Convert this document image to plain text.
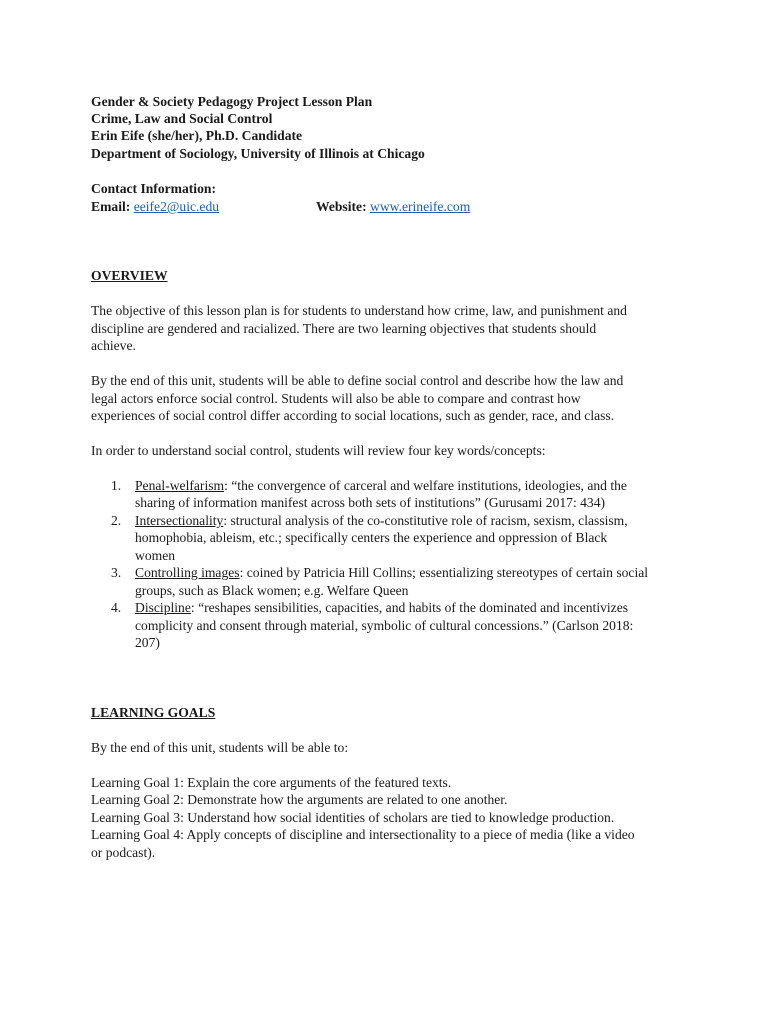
Gender & Society Pedagogy Project Lesson Plan
Crime, Law and Social Control
Erin Eife (she/her), Ph.D. Candidate
Department of Sociology, University of Illinois at Chicago
Contact Information:
Email: eeife2@uic.edu	Website: www.erineife.com
OVERVIEW
The objective of this lesson plan is for students to understand how crime, law, and punishment and
discipline are gendered and racialized. There are two learning objectives that students should
achieve.
By the end of this unit, students will be able to define social control and describe how the law and
legal actors enforce social control. Students will also be able to compare and contrast how
experiences of social control differ according to social locations, such as gender, race, and class.
In order to understand social control, students will review four key words/concepts:
1. Penal-welfarism: “the convergence of carceral and welfare institutions, ideologies, and the
sharing of information manifest across both sets of institutions” (Gurusami 2017: 434)
2. Intersectionality: structural analysis of the co-constitutive role of racism, sexism, classism,
homophobia, ableism, etc.; specifically centers the experience and oppression of Black
women
3. Controlling images: coined by Patricia Hill Collins; essentializing stereotypes of certain social
groups, such as Black women; e.g. Welfare Queen
4. Discipline: “reshapes sensibilities, capacities, and habits of the dominated and incentivizes
complicity and consent through material, symbolic of cultural concessions.” (Carlson 2018:
207)
LEARNING GOALS
By the end of this unit, students will be able to:
Learning Goal 1: Explain the core arguments of the featured texts.
Learning Goal 2: Demonstrate how the arguments are related to one another.
Learning Goal 3: Understand how social identities of scholars are tied to knowledge production.
Learning Goal 4: Apply concepts of discipline and intersectionality to a piece of media (like a video
or podcast).
